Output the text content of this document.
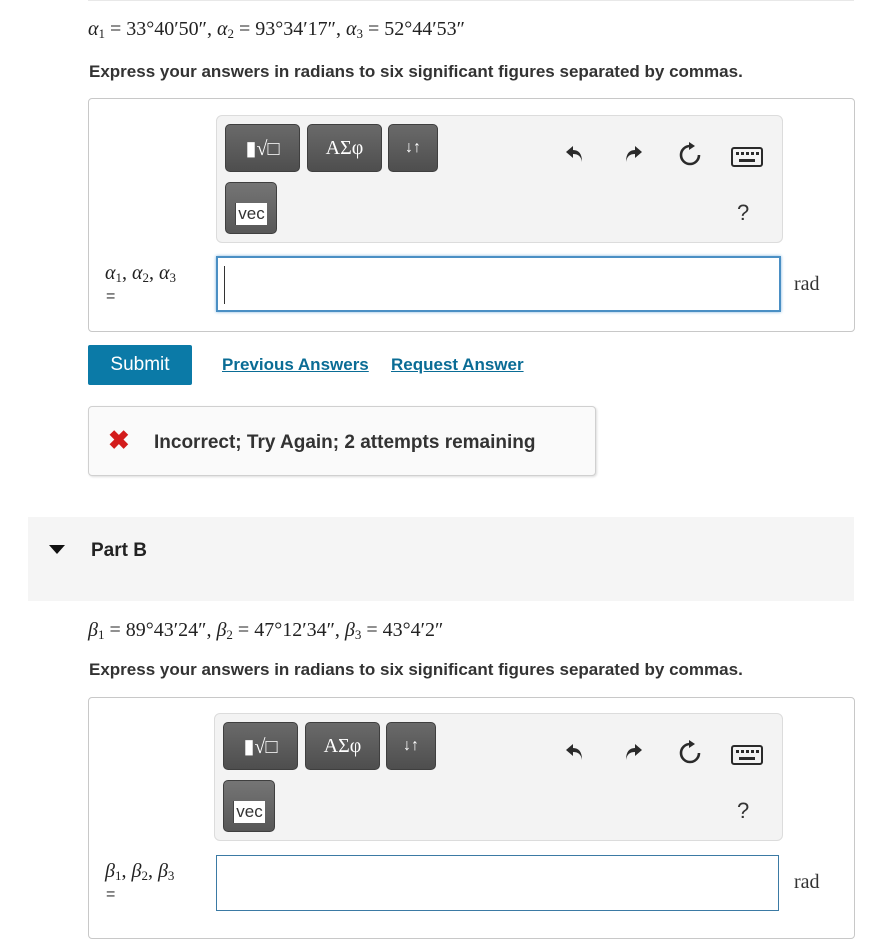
$\alpha_1 = 33^\circ 40'50''$, $\alpha_2 = 93^\circ 34'17''$, $\alpha_3 = 52^\circ 44'53''$
Express your answers in radians to six significant figures separated by commas.
▮√□	ΑΣφ	↓↑
vec	?
$\alpha_1$, $\alpha_2$, $\alpha_3$
=
rad
Submit	Previous Answers Request Answer
✖ Incorrect; Try Again; 2 attempts remaining
Part B
$\beta_1 = 89^\circ 43'24''$, $\beta_2 = 47^\circ 12'34''$, $\beta_3 = 43^\circ 4'2''$
Express your answers in radians to six significant figures separated by commas.
▮√□	ΑΣφ	↓↑
vec	?
$\beta_1$, $\beta_2$, $\beta_3$
=
rad
